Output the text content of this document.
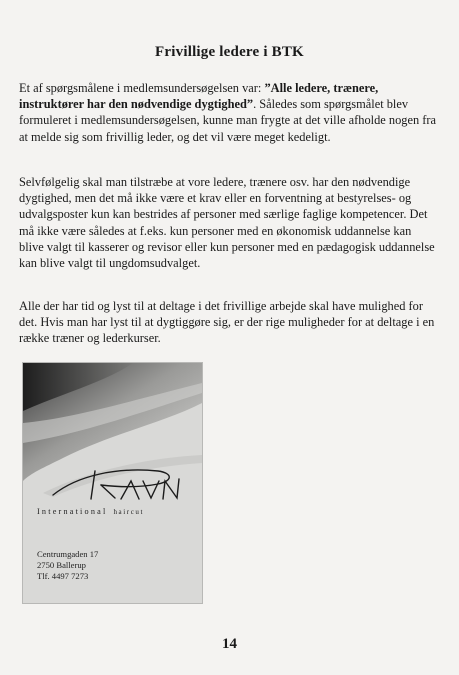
Frivillige ledere i BTK

Et af spørgsmålene i medlemsundersøgelsen var: ”Alle ledere, trænere, instruktører har den nødvendige dygtighed”. Således som spørgsmålet blev formuleret i medlemsundersøgelsen, kunne man frygte at det ville afholde nogen fra at melde sig som frivillig leder, og det vil være meget kedeligt.

Selvfølgelig skal man tilstræbe at vore ledere, trænere osv. har den nødvendige dygtighed, men det må ikke være et krav eller en forventning at bestyrelses- og udvalgsposter kun kan bestrides af personer med særlige faglige kompetencer. Det må ikke være således at f.eks. kun personer med en økonomisk uddannelse kan blive valgt til kasserer og revisor eller kun personer med en pædagogisk uddannelse kan blive valgt til ungdomsudvalget.

Alle der har tid og lyst til at deltage i det frivillige arbejde skal have mulighed for det. Hvis man har lyst til at dygtiggøre sig, er der rige muligheder for at deltage i en række træner og lederkurser.

International haircut
Centrumgaden 17
2750 Ballerup
Tlf. 4497 7273
14
